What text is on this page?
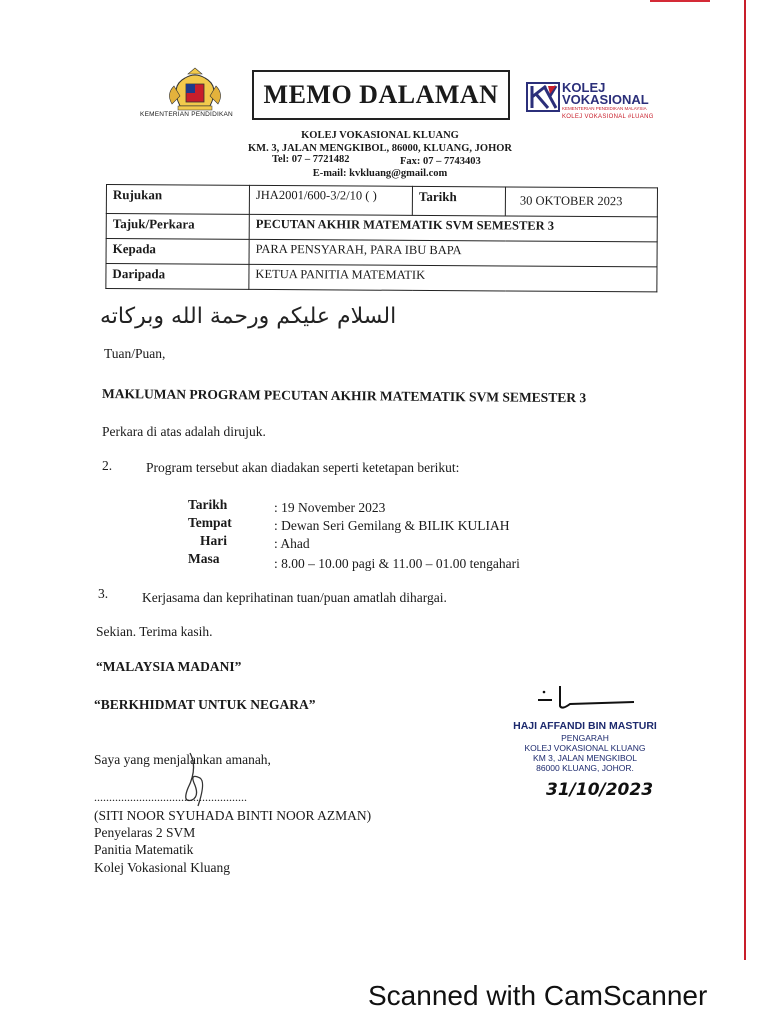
KEMENTERIAN PENDIDIKAN
MEMO DALAMAN	KOLEJ
VOKASIONAL
KEMENTERIAN PENDIDIKAN MALAYSIA
KOLEJ VOKASIONAL #LUANG
KOLEJ VOKASIONAL KLUANG
KM. 3, JALAN MENGKIBOL, 86000, KLUANG, JOHOR
Tel: 07 – 7721482	Fax: 07 – 7743403
E-mail: kvkluang@gmail.com
Rujukan	JHA2001/600-3/2/10 ( )	Tarikh	30 OKTOBER 2023
Tajuk/Perkara	PECUTAN AKHIR MATEMATIK SVM SEMESTER 3		
Kepada	PARA PENSYARAH, PARA IBU BAPA		
Daripada	KETUA PANITIA MATEMATIK		
السلام عليكم ورحمة الله وبركاته
Tuan/Puan,
MAKLUMAN PROGRAM PECUTAN AKHIR MATEMATIK SVM SEMESTER 3
Perkara di atas adalah dirujuk.
2.	Program tersebut akan diadakan seperti ketetapan berikut:
Tarikh	: 19 November 2023
Tempat	: Dewan Seri Gemilang & BILIK KULIAH
Hari	: Ahad
Masa	: 8.00 – 10.00 pagi & 11.00 – 01.00 tengahari
3.	Kerjasama dan keprihatinan tuan/puan amatlah dihargai.
Sekian. Terima kasih.
“MALAYSIA MADANI”
“BERKHIDMAT UNTUK NEGARA”
Saya yang menjalankan amanah,
...................................................
(SITI NOOR SYUHADA BINTI NOOR AZMAN)
Penyelaras 2 SVM
Panitia Matematik
Kolej Vokasional Kluang
HAJI AFFANDI BIN MASTURI
PENGARAH
KOLEJ VOKASIONAL KLUANG
KM 3, JALAN MENGKIBOL
86000 KLUANG, JOHOR.
31/10/2023
Scanned with CamScanner
